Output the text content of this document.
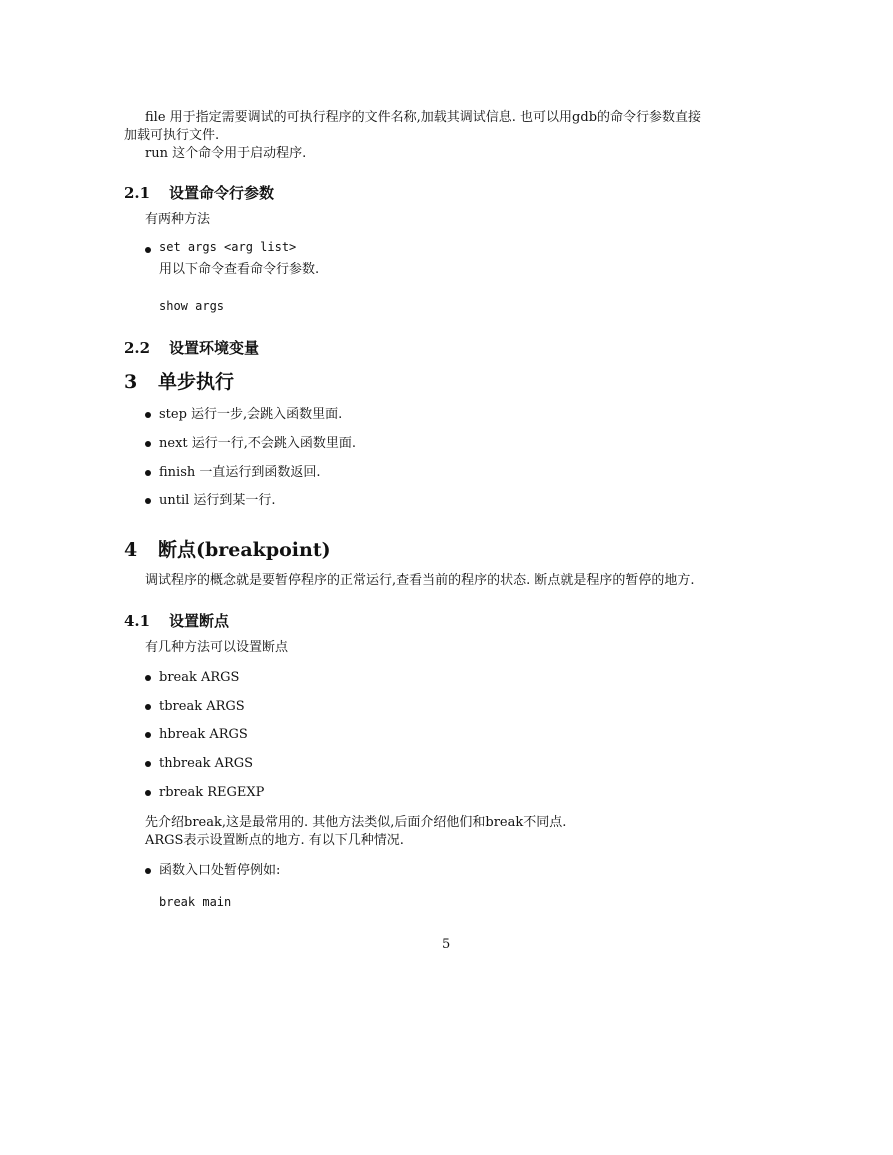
file 用于指定需要调试的可执行程序的文件名称,加载其调试信息. 也可以用gdb的命令行参数直接
加载可执行文件.
run 这个命令用于启动程序.
2.1 设置命令行参数
有两种方法
set args <arg list>
用以下命令查看命令行参数.
show args
2.2 设置环境变量
3 单步执行
step 运行一步,会跳入函数里面.
next 运行一行,不会跳入函数里面.
finish 一直运行到函数返回.
until 运行到某一行.
4 断点(breakpoint)
调试程序的概念就是要暂停程序的正常运行,查看当前的程序的状态. 断点就是程序的暂停的地方.
4.1 设置断点
有几种方法可以设置断点
break ARGS
tbreak ARGS
hbreak ARGS
thbreak ARGS
rbreak REGEXP
先介绍break,这是最常用的. 其他方法类似,后面介绍他们和break不同点.
ARGS表示设置断点的地方. 有以下几种情况.
函数入口处暂停例如:
break main
5
